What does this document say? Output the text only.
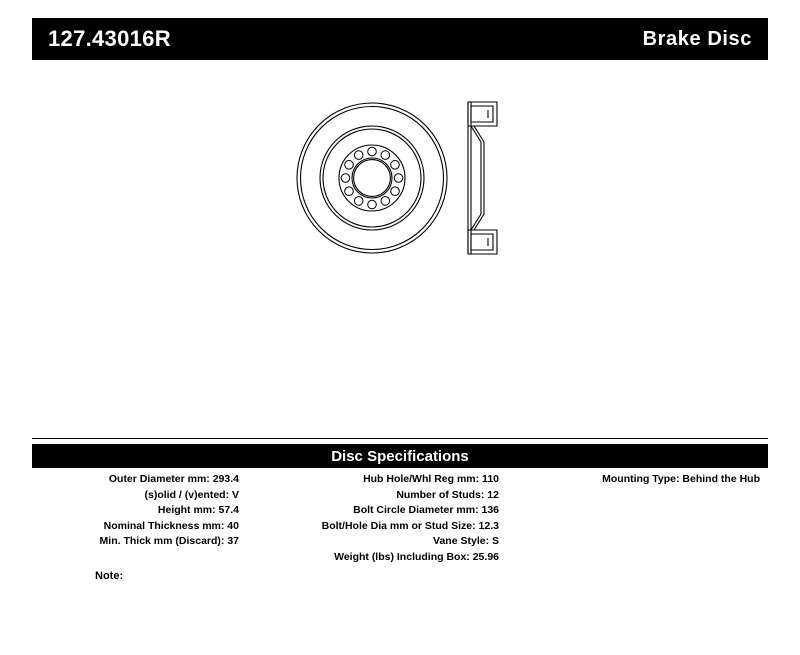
127.43016R	Brake Disc
Disc Specifications
Outer Diameter mm: 293.4
(s)olid / (v)ented: V
Height mm: 57.4
Nominal Thickness mm: 40
Min. Thick mm (Discard): 37
Hub Hole/Whl Reg mm: 110
Number of Studs: 12
Bolt Circle Diameter mm: 136
Bolt/Hole Dia mm or Stud Size: 12.3
Vane Style: S
Weight (lbs) Including Box: 25.96
Mounting Type: Behind the Hub
Note:
